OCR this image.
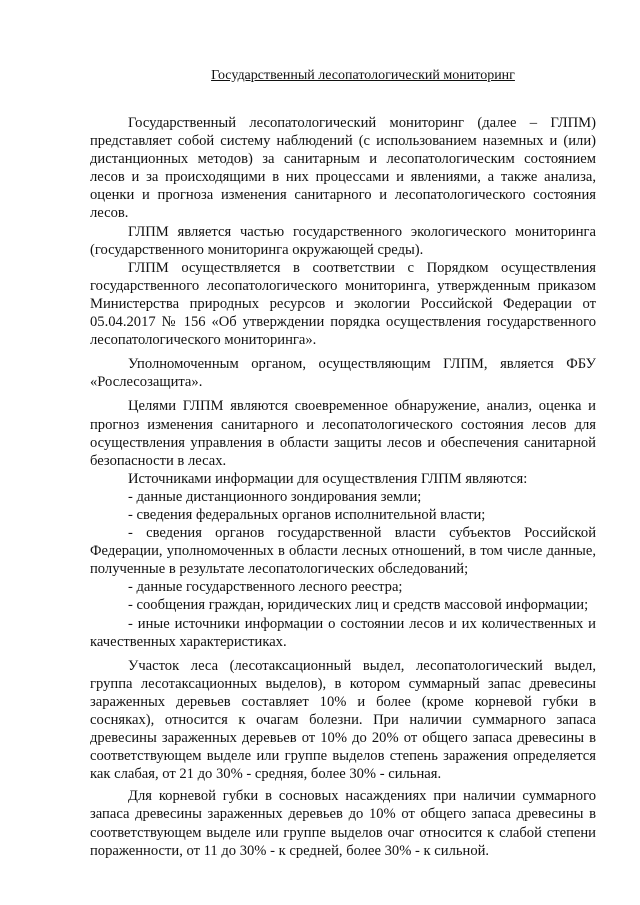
Государственный лесопатологический мониторинг

Государственный лесопатологический мониторинг (далее – ГЛПМ) представляет собой систему наблюдений (с использованием наземных и (или) дистанционных методов) за санитарным и лесопатологическим состоянием лесов и за происходящими в них процессами и явлениями, а также анализа, оценки и прогноза изменения санитарного и лесопатологического состояния лесов.

ГЛПМ является частью государственного экологического мониторинга (государственного мониторинга окружающей среды).

ГЛПМ осуществляется в соответствии с Порядком осуществления государственного лесопатологического мониторинга, утвержденным приказом Министерства природных ресурсов и экологии Российской Федерации от 05.04.2017 № 156 «Об утверждении порядка осуществления государственного лесопатологического мониторинга».

Уполномоченным органом, осуществляющим ГЛПМ, является ФБУ «Рослесозащита».

Целями ГЛПМ являются своевременное обнаружение, анализ, оценка и прогноз изменения санитарного и лесопатологического состояния лесов для осуществления управления в области защиты лесов и обеспечения санитарной безопасности в лесах.

Источниками информации для осуществления ГЛПМ являются:

- данные дистанционного зондирования земли;

- сведения федеральных органов исполнительной власти;

- сведения органов государственной власти субъектов Российской Федерации, уполномоченных в области лесных отношений, в том числе данные, полученные в результате лесопатологических обследований;

- данные государственного лесного реестра;

- сообщения граждан, юридических лиц и средств массовой информации;

- иные источники информации о состоянии лесов и их количественных и качественных характеристиках.

Участок леса (лесотаксационный выдел, лесопатологический выдел, группа лесотаксационных выделов), в котором суммарный запас древесины зараженных деревьев составляет 10% и более (кроме корневой губки в сосняках), относится к очагам болезни. При наличии суммарного запаса древесины зараженных деревьев от 10% до 20% от общего запаса древесины в соответствующем выделе или группе выделов степень заражения определяется как слабая, от 21 до 30% - средняя, более 30% - сильная.

Для корневой губки в сосновых насаждениях при наличии суммарного запаса древесины зараженных деревьев до 10% от общего запаса древесины в соответствующем выделе или группе выделов очаг относится к слабой степени пораженности, от 11 до 30% - к средней, более 30% - к сильной.
